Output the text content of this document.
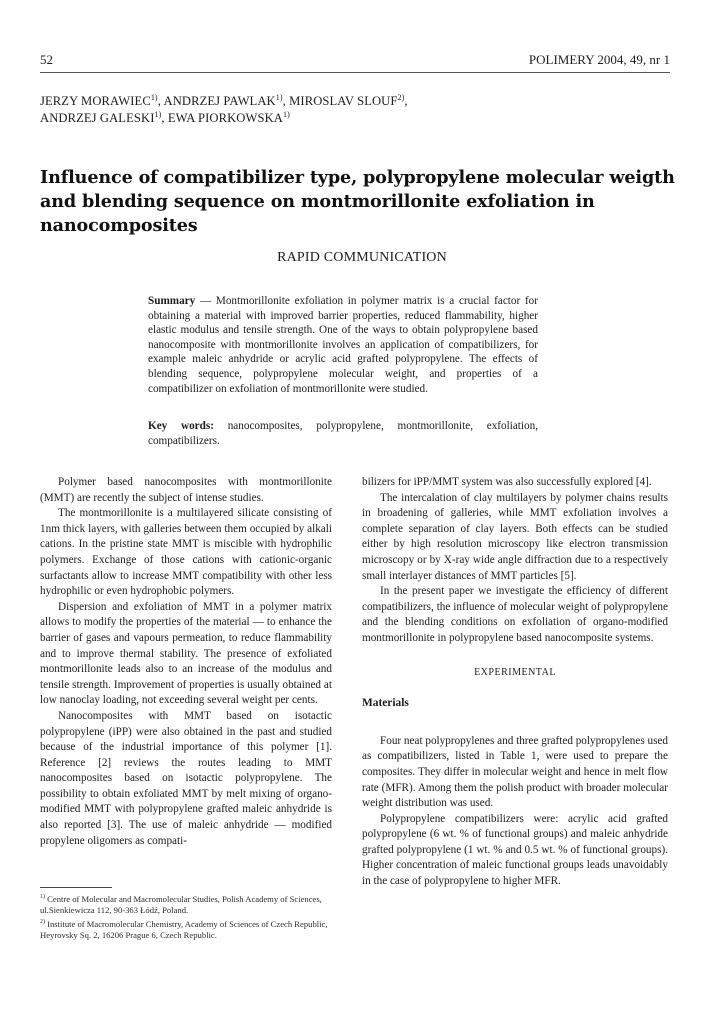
52	POLIMERY 2004, 49, nr 1
JERZY MORAWIEC$^{1)}$, ANDRZEJ PAWLAK$^{1)}$, MIROSLAV SLOUF$^{2)}$,
ANDRZEJ GALESKI$^{1)}$, EWA PIORKOWSKA$^{1)}$
Influence of compatibilizer type, polypropylene molecular weigth and blending sequence on montmorillonite exfoliation in nanocomposites
RAPID COMMUNICATION
Summary — Montmorillonite exfoliation in polymer matrix is a crucial factor for obtaining a material with improved barrier properties, reduced flammability, higher elastic modulus and tensile strength. One of the ways to obtain polypropylene based nanocomposite with montmorillonite involves an application of compatibilizers, for example maleic anhydride or acrylic acid grafted polypropylene. The effects of blending sequence, polypropylene molecular weight, and properties of a compatibilizer on exfoliation of montmorillonite were studied.
Key words: nanocomposites, polypropylene, montmorillonite, exfoliation, compatibilizers.

Polymer based nanocomposites with montmorillonite (MMT) are recently the subject of intense studies.

The montmorillonite is a multilayered silicate consisting of 1nm thick layers, with galleries between them occupied by alkali cations. In the pristine state MMT is miscible with hydrophilic polymers. Exchange of those cations with cationic-organic surfactants allow to increase MMT compatibility with other less hydrophilic or even hydrophobic polymers.

Dispersion and exfoliation of MMT in a polymer matrix allows to modify the properties of the material — to enhance the barrier of gases and vapours permeation, to reduce flammability and to improve thermal stability. The presence of exfoliated montmorillonite leads also to an increase of the modulus and tensile strength. Improvement of properties is usually obtained at low nanoclay loading, not exceeding several weight per cents.

Nanocomposites with MMT based on isotactic polypropylene (iPP) were also obtained in the past and studied because of the industrial importance of this polymer [1]. Reference [2] reviews the routes leading to MMT nanocomposites based on isotactic polypropylene. The possibility to obtain exfoliated MMT by melt mixing of organo- modified MMT with polypropylene grafted maleic anhydride is also reported [3]. The use of maleic anhydride — modified propylene oligomers as compati-

bilizers for iPP/MMT system was also successfully explored [4].

The intercalation of clay multilayers by polymer chains results in broadening of galleries, while MMT exfoliation involves a complete separation of clay layers. Both effects can be studied either by high resolution microscopy like electron transmission microscopy or by X-ray wide angle diffraction due to a respectively small interlayer distances of MMT particles [5].

In the present paper we investigate the efficiency of different compatibilizers, the influence of molecular weight of polypropylene and the blending conditions on exfoliation of organo-modified montmorillonite in polypropylene based nanocomposite systems.

EXPERIMENTAL
Materials

Four neat polypropylenes and three grafted polypropylenes used as compatibilizers, listed in Table 1, were used to prepare the composites. They differ in molecular weight and hence in melt flow rate (MFR). Among them the polish product with broader molecular weight distribution was used.

Polypropylene compatibilizers were: acrylic acid grafted polypropylene (6 wt. % of functional groups) and maleic anhydride grafted polypropylene (1 wt. % and 0.5 wt. % of functional groups). Higher concentration of maleic functional groups leads unavoidably in the case of polypropylene to higher MFR.

$^{1)}$ Centre of Molecular and Macromolecular Studies, Polish Academy of Sciences, ul.Sienkiewicza 112, 90-363 Łódź, Poland.

$^{2)}$ Institute of Macromolecular Chemistry, Academy of Sciences of Czech Republic, Heyrovsky Sq. 2, 16206 Prague 6, Czech Republic.
